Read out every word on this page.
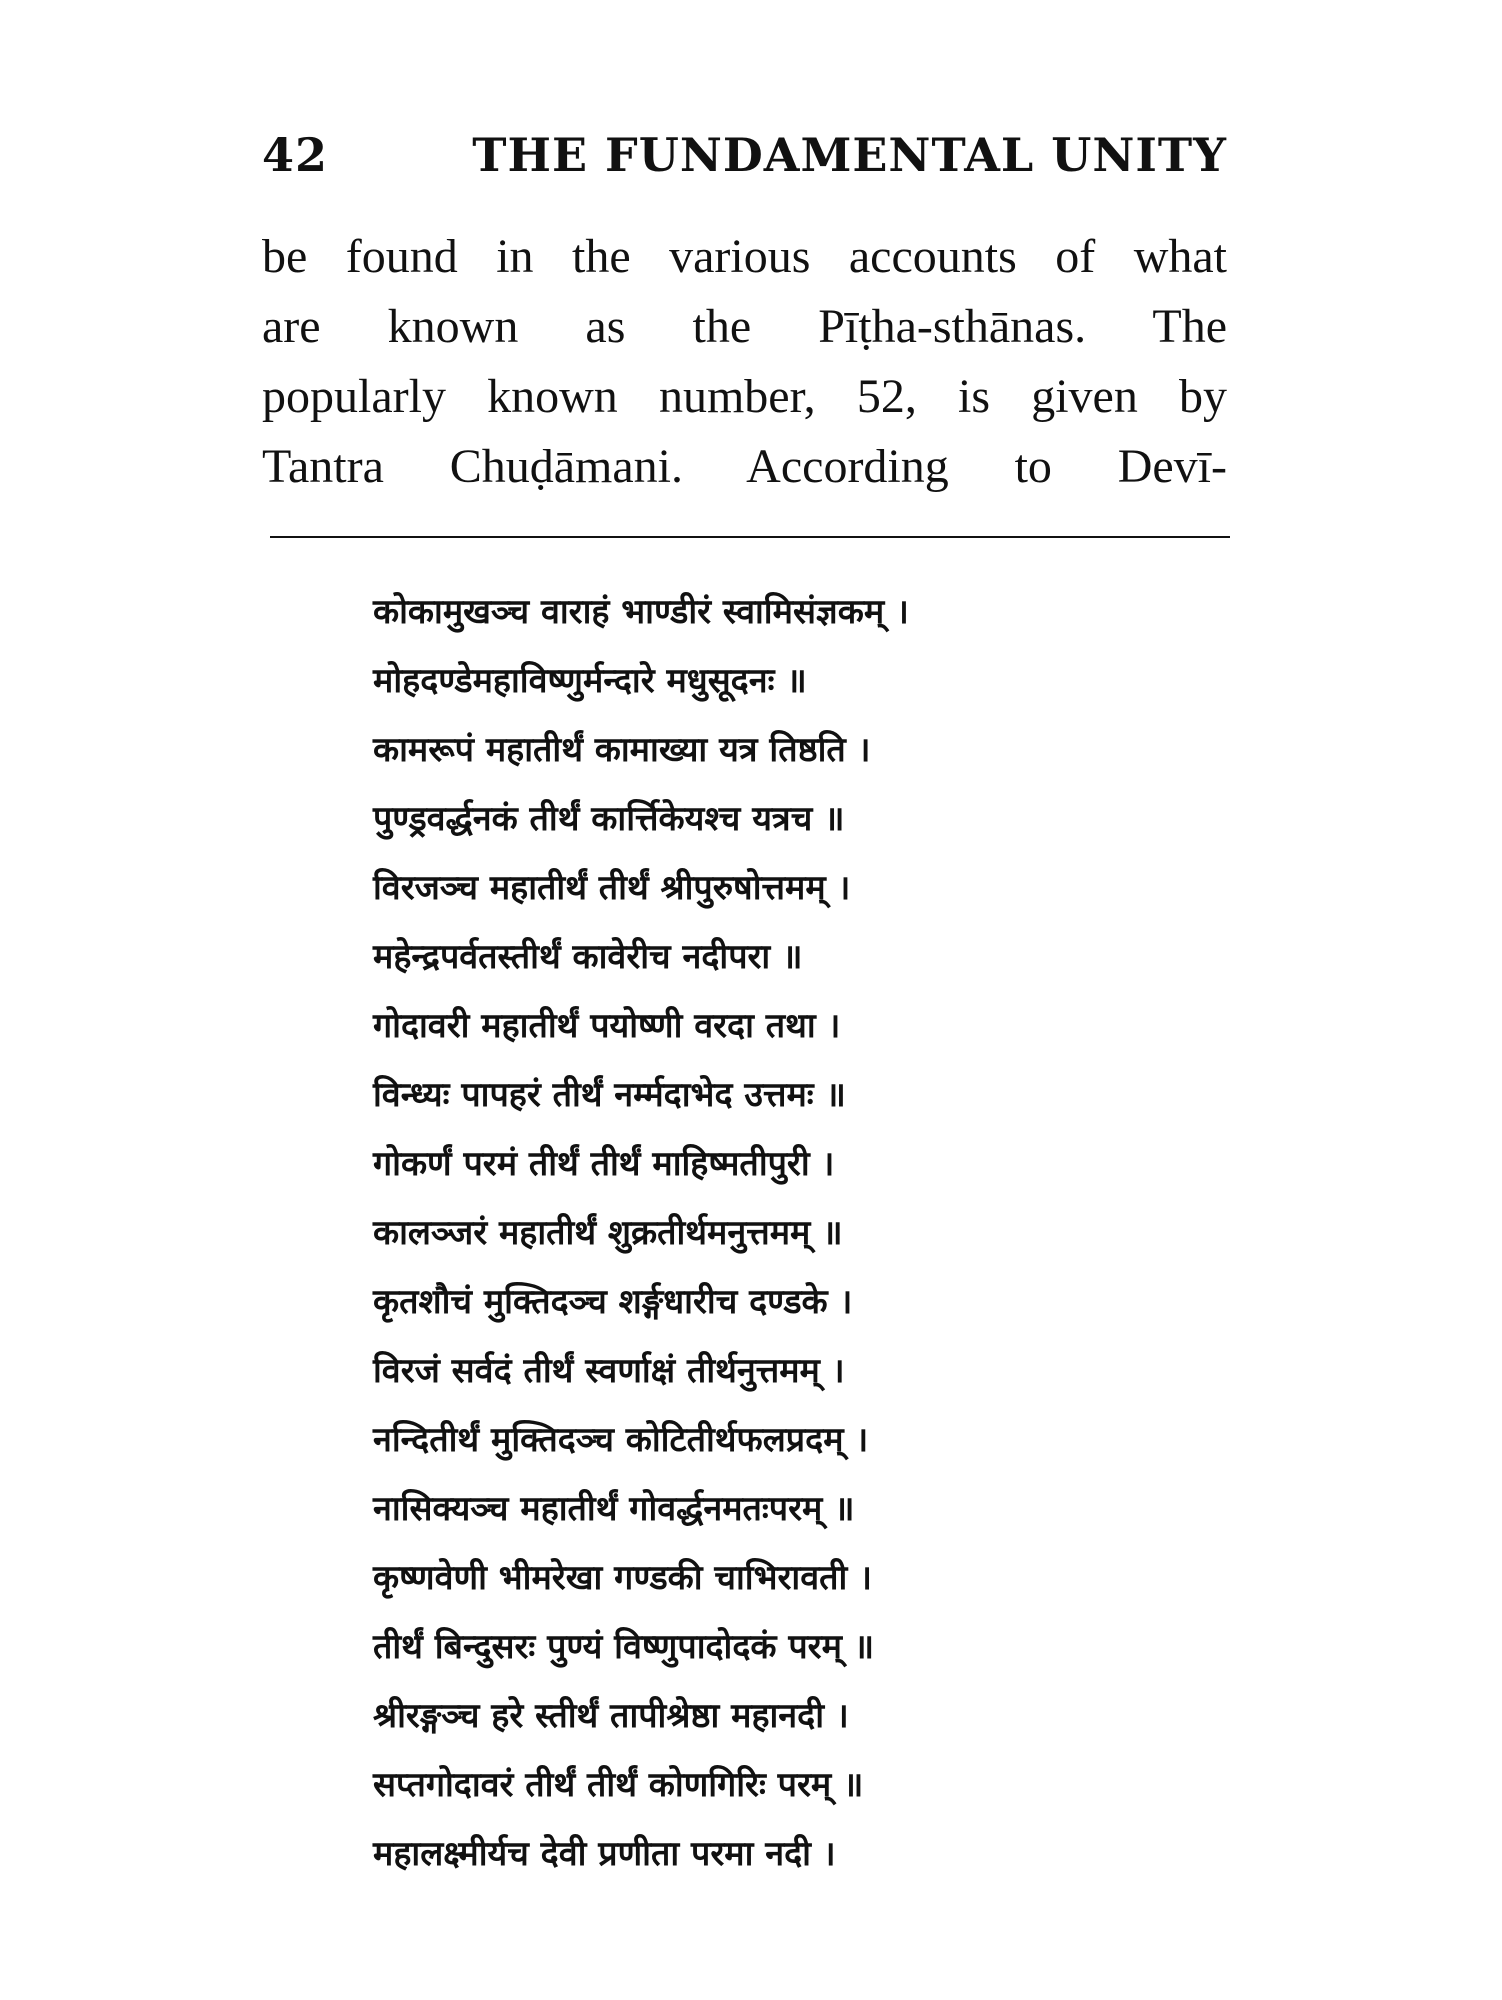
42	THE FUNDAMENTAL UNITY
be found in the various accounts of what
are known as the Pīṭha-sthānas. The
popularly known number, 52, is given by
Tantra Chuḍāmani. According to Devī-
कोकामुखञ्च वाराहं भाण्डीरं स्वामिसंज्ञकम् ।
मोहदण्डेमहाविष्णुर्मन्दारे मधुसूदनः ॥
कामरूपं महातीर्थं कामाख्या यत्र तिष्ठति ।
पुण्ड्रवर्द्धनकं तीर्थं कार्त्तिकेयश्च यत्रच ॥
विरजञ्च महातीर्थं तीर्थं श्रीपुरुषोत्तमम् ।
महेन्द्रपर्वतस्तीर्थं कावेरीच नदीपरा ॥
गोदावरी महातीर्थं पयोष्णी वरदा तथा ।
विन्ध्यः पापहरं तीर्थं नर्म्मदाभेद उत्तमः ॥
गोकर्णं परमं तीर्थं तीर्थं माहिष्मतीपुरी ।
कालञ्जरं महातीर्थं शुक्रतीर्थमनुत्तमम् ॥
कृतशौचं मुक्तिदञ्च शर्ङ्गधारीच दण्डके ।
विरजं सर्वदं तीर्थं स्वर्णाक्षं तीर्थनुत्तमम् ।
नन्दितीर्थं मुक्तिदञ्च कोटितीर्थफलप्रदम् ।
नासिक्यञ्च महातीर्थं गोवर्द्धनमतःपरम् ॥
कृष्णवेणी भीमरेखा गण्डकी चाभिरावती ।
तीर्थं बिन्दुसरः पुण्यं विष्णुपादोदकं परम् ॥
श्रीरङ्गञ्च हरे स्तीर्थं तापीश्रेष्ठा महानदी ।
सप्तगोदावरं तीर्थं तीर्थं कोणगिरिः परम् ॥
महालक्ष्मीर्यच देवी प्रणीता परमा नदी ।
